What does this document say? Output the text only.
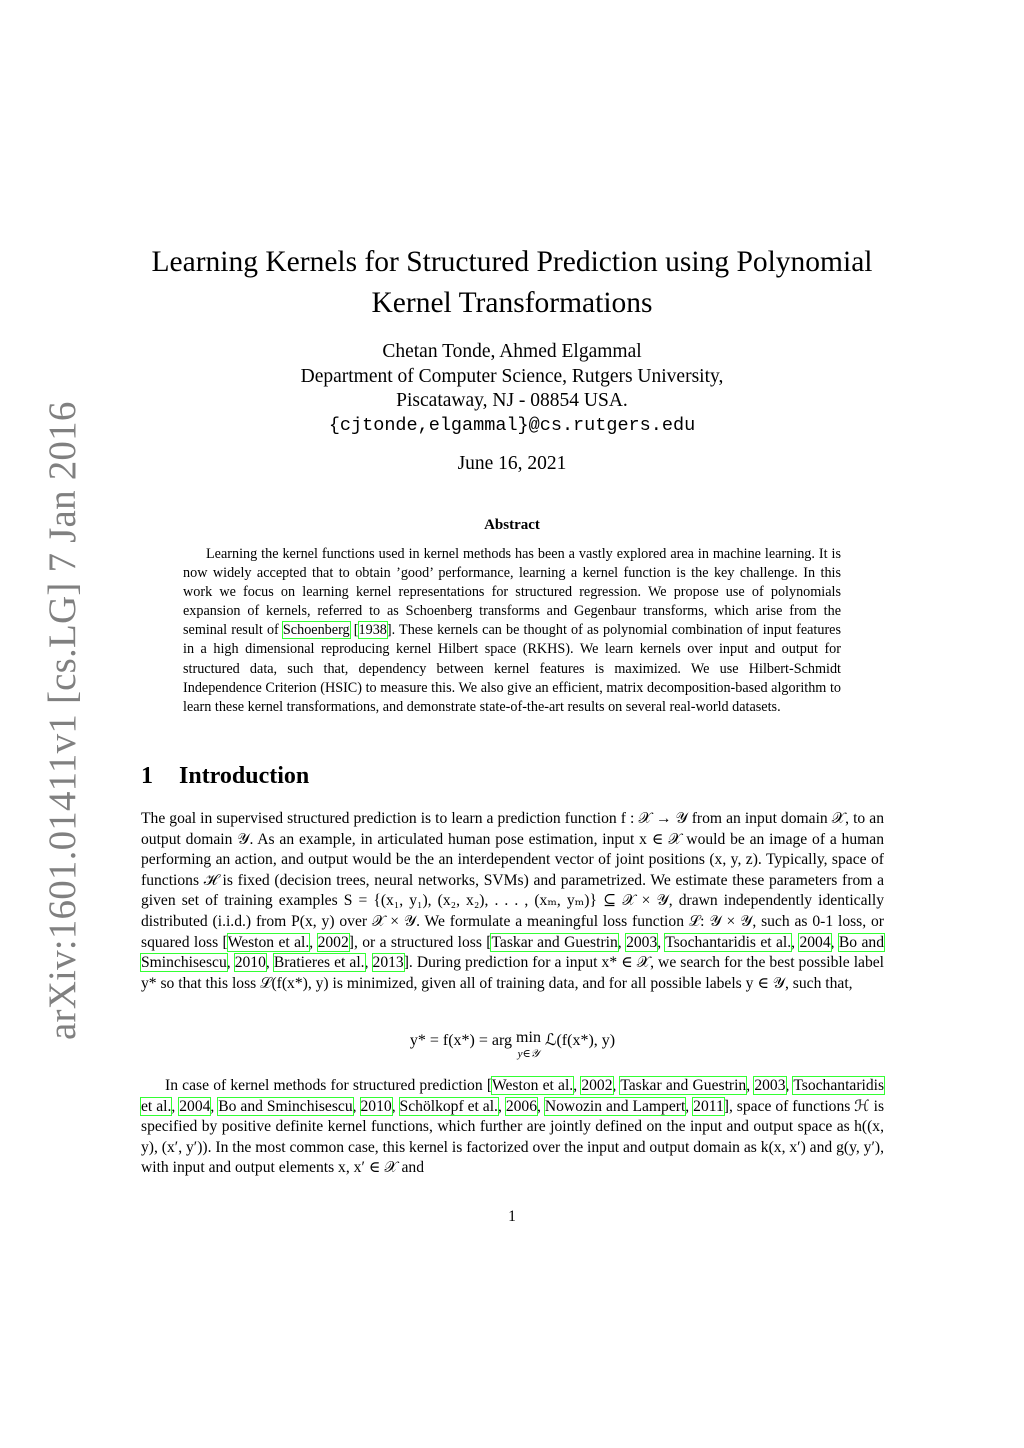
arXiv:1601.01411v1 [cs.LG] 7 Jan 2016
Learning Kernels for Structured Prediction using Polynomial
Kernel Transformations
Chetan Tonde, Ahmed Elgammal
Department of Computer Science, Rutgers University,
Piscataway, NJ - 08854 USA.
{cjtonde,elgammal}@cs.rutgers.edu
June 16, 2021
Abstract

Learning the kernel functions used in kernel methods has been a vastly explored area in machine learning. It is now widely accepted that to obtain ’good’ performance, learning a kernel function is the key challenge. In this work we focus on learning kernel representations for structured regression. We propose use of polynomials expansion of kernels, referred to as Schoenberg transforms and Gegenbaur transforms, which arise from the seminal result of Schoenberg [1938]. These kernels can be thought of as polynomial combination of input features in a high dimensional reproducing kernel Hilbert space (RKHS). We learn kernels over input and output for structured data, such that, dependency between kernel features is maximized. We use Hilbert-Schmidt Independence Criterion (HSIC) to measure this. We also give an efficient, matrix decomposition-based algorithm to learn these kernel transformations, and demonstrate state-of-the-art results on several real-world datasets.

1 Introduction

The goal in supervised structured prediction is to learn a prediction function f : 𝒳 → 𝒴 from an input domain 𝒳, to an output domain 𝒴. As an example, in articulated human pose estimation, input x ∈ 𝒳 would be an image of a human performing an action, and output would be the an interdependent vector of joint positions (x, y, z). Typically, space of functions ℋ is fixed (decision trees, neural networks, SVMs) and parametrized. We estimate these parameters from a given set of training examples S = {(x₁, y₁), (x₂, x₂), . . . , (xₘ, yₘ)} ⊆ 𝒳 × 𝒴, drawn independently identically distributed (i.i.d.) from P(x, y) over 𝒳 × 𝒴. We formulate a meaningful loss function ℒ: 𝒴 × 𝒴, such as 0-1 loss, or squared loss [Weston et al., 2002], or a structured loss [Taskar and Guestrin, 2003, Tsochantaridis et al., 2004, Bo and Sminchisescu, 2010, Bratieres et al., 2013]. During prediction for a input x* ∈ 𝒳, we search for the best possible label y* so that this loss ℒ(f(x*), y) is minimized, given all of training data, and for all possible labels y ∈ 𝒴, such that,

y* = f(x*) = arg min
y∈𝒴
ℒ(f(x*), y)

In case of kernel methods for structured prediction [Weston et al., 2002, Taskar and Guestrin, 2003, Tsochantaridis et al., 2004, Bo and Sminchisescu, 2010, Schölkopf et al., 2006, Nowozin and Lampert, 2011], space of functions ℋ is specified by positive definite kernel functions, which further are jointly defined on the input and output space as h((x, y), (x′, y′)). In the most common case, this kernel is factorized over the input and output domain as k(x, x′) and g(y, y′), with input and output elements x, x′ ∈ 𝒳 and

1
